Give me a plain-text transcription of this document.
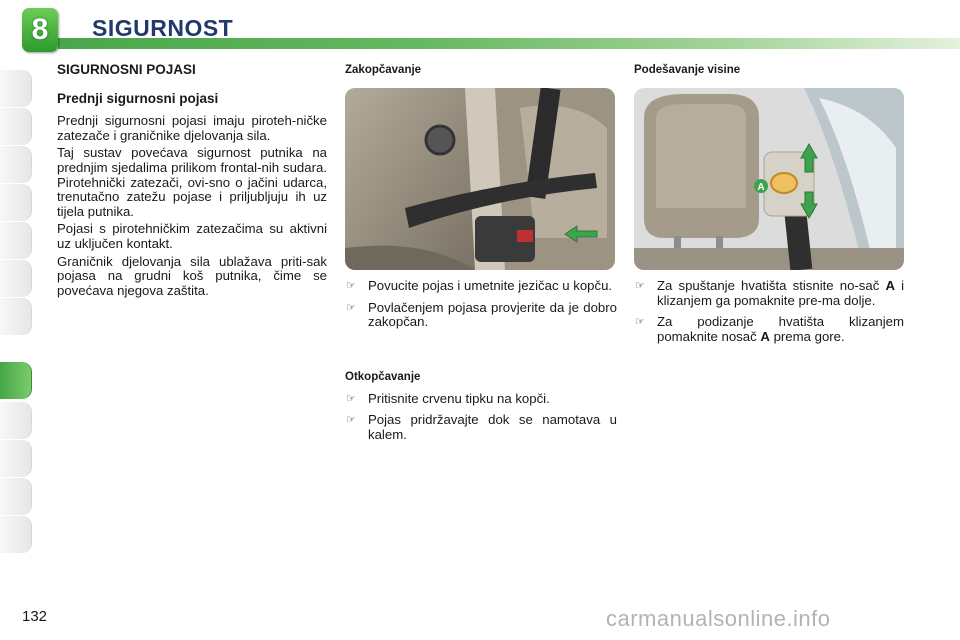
8	SIGURNOST
SIGURNOSNI POJASI
Prednji sigurnosni pojasi

Prednji sigurnosni pojasi imaju piroteh-ničke zatezače i graničnike djelovanja sila.

Taj sustav povećava sigurnost putnika na prednjim sjedalima prilikom frontal-nih sudara. Pirotehnički zatezači, ovi-sno o jačini udarca, trenutačno zatežu pojase i priljubljuju ih uz tijela putnika.

Pojasi s pirotehničkim zatezačima su aktivni uz uključen kontakt.

Graničnik djelovanja sila ublažava priti-sak pojasa na grudni koš putnika, čime se povećava njegova zaštita.

Zakopčavanje
☞ Povucite pojas i umetnite jezičac u kopču.
☞ Povlačenjem pojasa provjerite da je dobro zakopčan.
Otkopčavanje
☞ Pritisnite crvenu tipku na kopči.
☞ Pojas pridržavajte dok se namotava u kalem.
Podešavanje visine
A
☞ Za spuštanje hvatišta stisnite no-sač A i klizanjem ga pomaknite pre-ma dolje.
☞ Za podizanje hvatišta klizanjem pomaknite nosač A prema gore.
132	carmanualsonline.info
